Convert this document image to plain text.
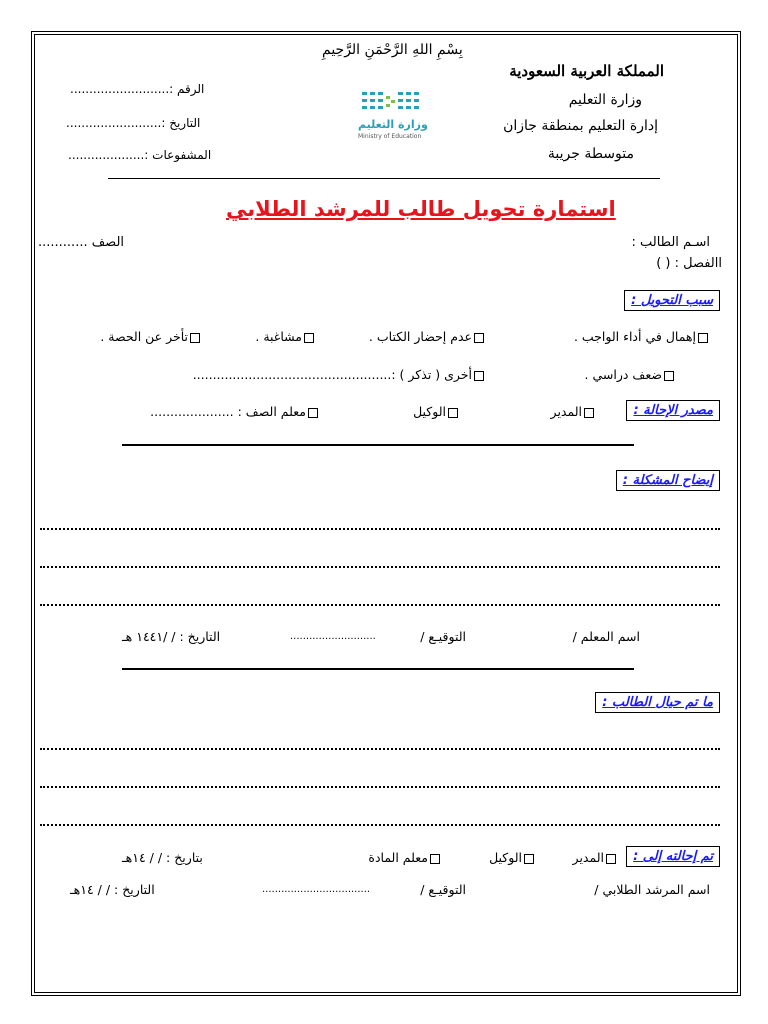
بِسْمِ اللهِ الرَّحْمَنِ الرَّحِيمِ
المملكة العربية السعودية
وزارة التعليم
إدارة التعليم بمنطقة جازان
متوسطة جريبة
الرقم :..........................
التاريخ :.........................
المشفوعات :....................
وزارة التعليم
Ministry of Education
استمارة تحويل طالب للمرشد الطلابي
اسـم الطالب :
الصف ............
االفصل : ( )
سبب التحويل :
إهمال في أداء الواجب .
عدم إحضار الكتاب .
مشاغبة .
تأخر عن الحصة .
ضعف دراسي .
أخرى ( تذكر ) :..................................................
مصدر الإحالة :
المدير
الوكيل
معلم الصف : .....................
إيضاح المشكلة :
اسم المعلم /
التوقيـع /
...........................
التاريخ : / /١٤٤١ هـ
ما تم حيال الطالب :
تم إحالته إلى :
المدير
الوكيل
معلم المادة
بتاريخ : / / ١٤هـ
اسم المرشد الطلابي /
التوقيـع /
..................................
التاريخ : / / ١٤هـ
